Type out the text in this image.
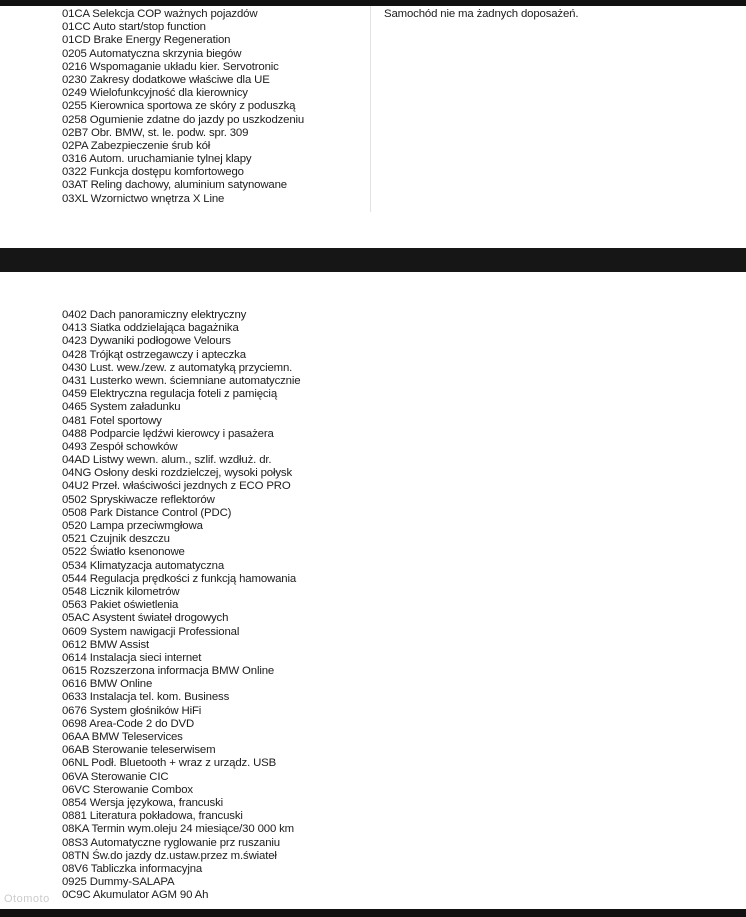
01CA Selekcja COP ważnych pojazdów
01CC Auto start/stop function
01CD Brake Energy Regeneration
0205 Automatyczna skrzynia biegów
0216 Wspomaganie układu kier. Servotronic
0230 Zakresy dodatkowe właściwe dla UE
0249 Wielofunkcyjność dla kierownicy
0255 Kierownica sportowa ze skóry z poduszką
0258 Ogumienie zdatne do jazdy po uszkodzeniu
02B7 Obr. BMW, st. le. podw. spr. 309
02PA Zabezpieczenie śrub kół
0316 Autom. uruchamianie tylnej klapy
0322 Funkcja dostępu komfortowego
03AT Reling dachowy, aluminium satynowane
03XL Wzornictwo wnętrza X Line
Samochód nie ma żadnych doposażeń.
0402 Dach panoramiczny elektryczny
0413 Siatka oddzielająca bagażnika
0423 Dywaniki podłogowe Velours
0428 Trójkąt ostrzegawczy i apteczka
0430 Lust. wew./zew. z automatyką przyciemn.
0431 Lusterko wewn. ściemniane automatycznie
0459 Elektryczna regulacja foteli z pamięcią
0465 System załadunku
0481 Fotel sportowy
0488 Podparcie lędźwi kierowcy i pasażera
0493 Zespół schowków
04AD Listwy wewn. alum., szlif. wzdłuż. dr.
04NG Osłony deski rozdzielczej, wysoki połysk
04U2 Przeł. właściwości jezdnych z ECO PRO
0502 Spryskiwacze reflektorów
0508 Park Distance Control (PDC)
0520 Lampa przeciwmgłowa
0521 Czujnik deszczu
0522 Światło ksenonowe
0534 Klimatyzacja automatyczna
0544 Regulacja prędkości z funkcją hamowania
0548 Licznik kilometrów
0563 Pakiet oświetlenia
05AC Asystent świateł drogowych
0609 System nawigacji Professional
0612 BMW Assist
0614 Instalacja sieci internet
0615 Rozszerzona informacja BMW Online
0616 BMW Online
0633 Instalacja tel. kom. Business
0676 System głośników HiFi
0698 Area-Code 2 do DVD
06AA BMW Teleservices
06AB Sterowanie teleserwisem
06NL Podł. Bluetooth + wraz z urządz. USB
06VA Sterowanie CIC
06VC Sterowanie Combox
0854 Wersja językowa, francuski
0881 Literatura pokładowa, francuski
08KA Termin wym.oleju 24 miesiące/30 000 km
08S3 Automatyczne ryglowanie prz ruszaniu
08TN Św.do jazdy dz.ustaw.przez m.świateł
08V6 Tabliczka informacyjna
0925 Dummy-SALAPA
0C9C Akumulator AGM 90 Ah
Otomoto
